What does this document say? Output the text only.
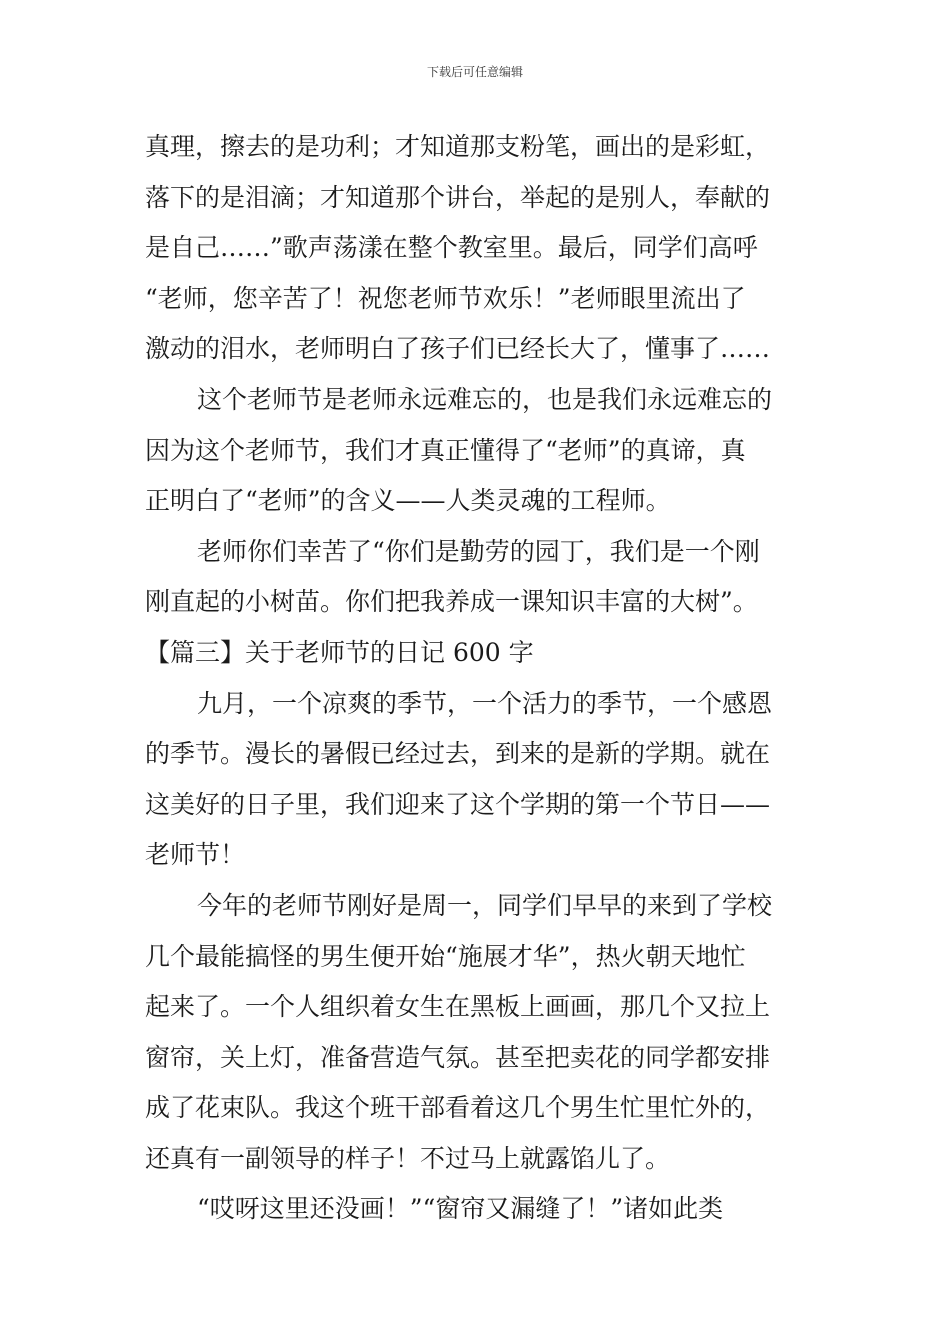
下载后可任意编辑
真理，擦去的是功利；才知道那支粉笔，画出的是彩虹，
落下的是泪滴；才知道那个讲台，举起的是别人，奉献的
是自己……”歌声荡漾在整个教室里。最后，同学们高呼
“老师，您辛苦了！祝您老师节欢乐！”老师眼里流出了
激动的泪水，老师明白了孩子们已经长大了，懂事了……
这个老师节是老师永远难忘的，也是我们永远难忘的
因为这个老师节，我们才真正懂得了“老师”的真谛，真
正明白了“老师”的含义——人类灵魂的工程师。
老师你们幸苦了“你们是勤劳的园丁，我们是一个刚
刚直起的小树苗。你们把我养成一课知识丰富的大树”。
【篇三】关于老师节的日记 600 字
九月，一个凉爽的季节，一个活力的季节，一个感恩
的季节。漫长的暑假已经过去，到来的是新的学期。就在
这美好的日子里，我们迎来了这个学期的第一个节日——
老师节！
今年的老师节刚好是周一，同学们早早的来到了学校
几个最能搞怪的男生便开始“施展才华”，热火朝天地忙
起来了。一个人组织着女生在黑板上画画，那几个又拉上
窗帘，关上灯，准备营造气氛。甚至把卖花的同学都安排
成了花束队。我这个班干部看着这几个男生忙里忙外的，
还真有一副领导的样子！不过马上就露馅儿了。
“哎呀这里还没画！”“窗帘又漏缝了！”诸如此类
